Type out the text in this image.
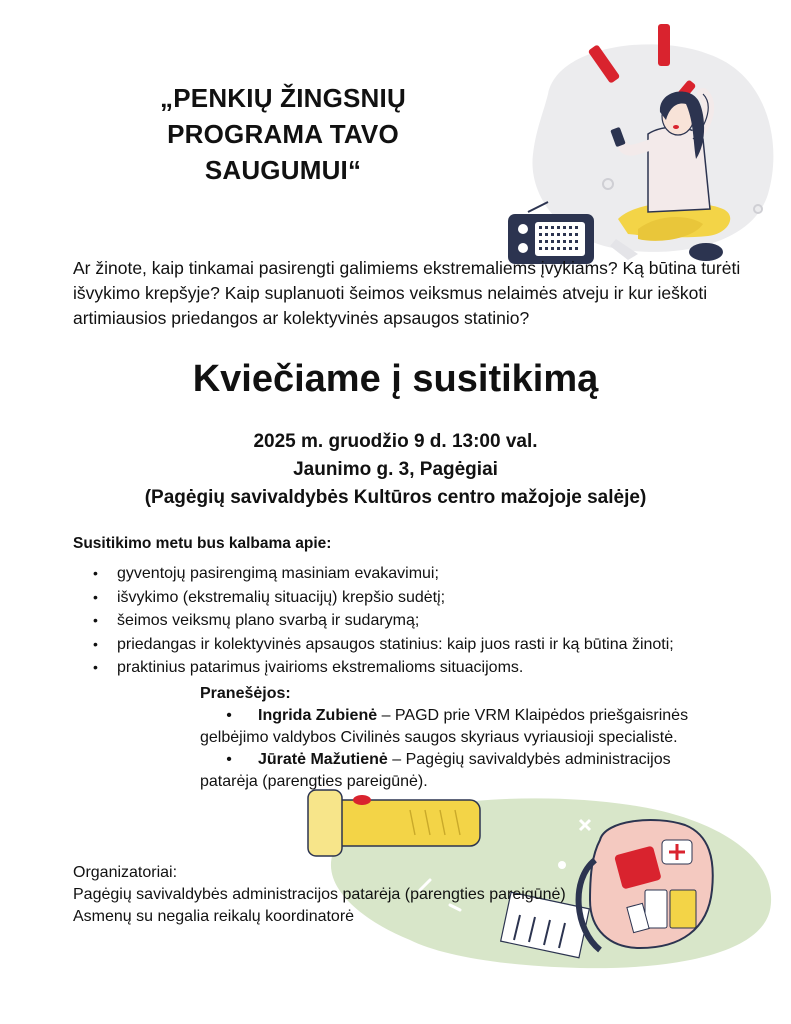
„PENKIŲ ŽINGSNIŲ
PROGRAMA TAVO
SAUGUMUI“
Ar žinote, kaip tinkamai pasirengti galimiems ekstremaliems įvykiams? Ką būtina turėti išvykimo krepšyje? Kaip suplanuoti šeimos veiksmus nelaimės atveju ir kur ieškoti artimiausios priedangos ar kolektyvinės apsaugos statinio?
Kviečiame į susitikimą
2025 m. gruodžio 9 d. 13:00 val.
Jaunimo g. 3, Pagėgiai
(Pagėgių savivaldybės Kultūros centro mažojoje salėje)
Susitikimo metu bus kalbama apie:
• gyventojų pasirengimą masiniam evakavimui;
• išvykimo (ekstremalių situacijų) krepšio sudėtį;
• šeimos veiksmų plano svarbą ir sudarymą;
• priedangas ir kolektyvinės apsaugos statinius: kaip juos rasti ir ką būtina žinoti;
• praktinius patarimus įvairioms ekstremalioms situacijoms.
Pranešėjos:
• Ingrida Zubienė – PAGD prie VRM Klaipėdos priešgaisrinės
gelbėjimo valdybos Civilinės saugos skyriaus vyriausioji specialistė.
• Jūratė Mažutienė – Pagėgių savivaldybės administracijos
patarėja (parengties pareigūnė).
Organizatoriai:
Pagėgių savivaldybės administracijos patarėja (parengties pareigūnė)
Asmenų su negalia reikalų koordinatorė
